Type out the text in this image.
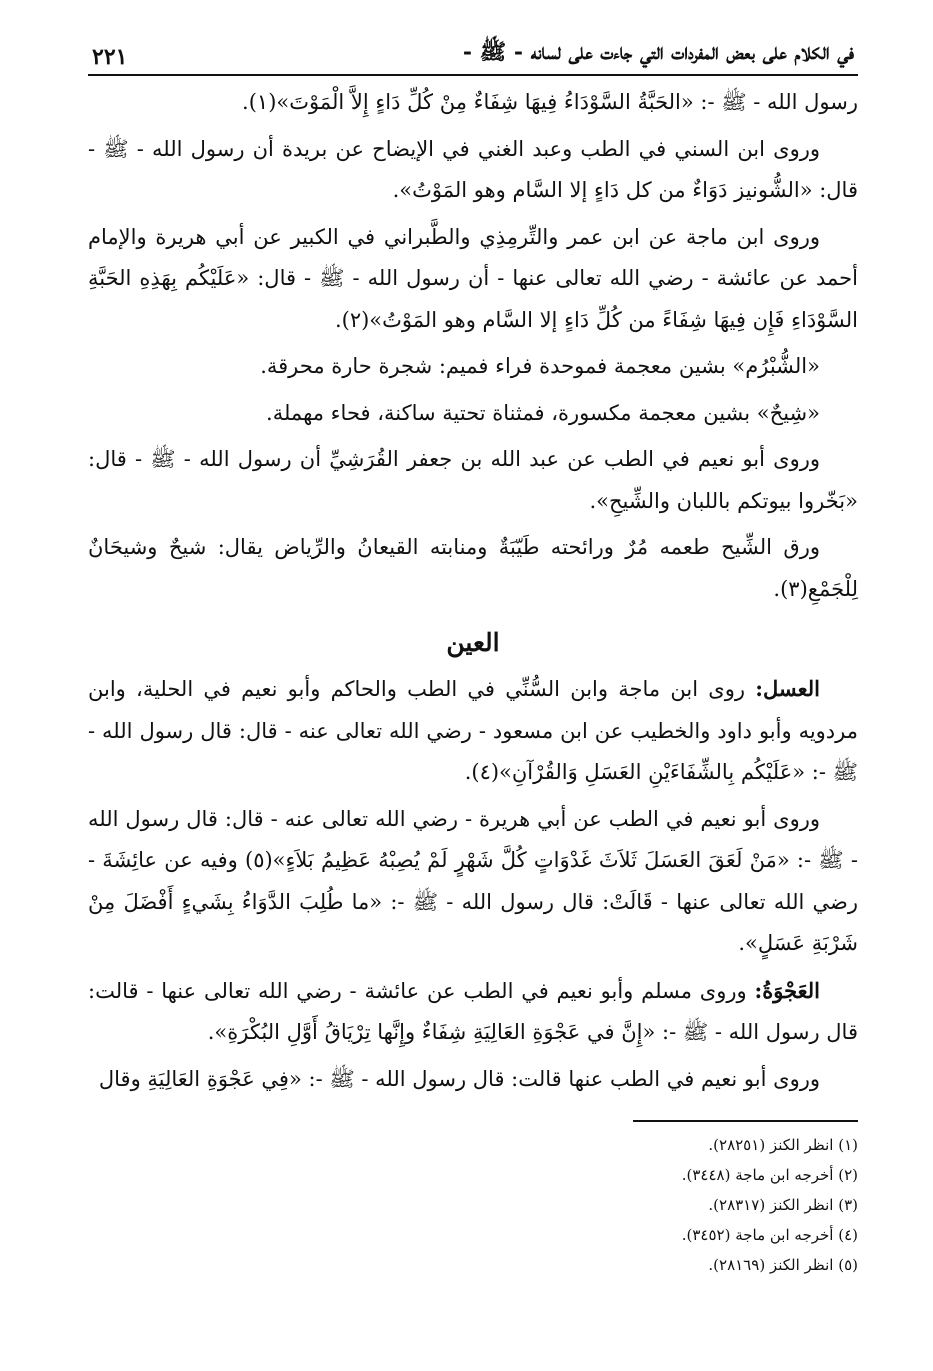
في الكلام على بعض المفردات التي جاءت على لسانه - ﷺ -
٢٢١

رسول الله - ﷺ -: «الحَبَّةُ السَّوْدَاءُ فِيهَا شِفَاءٌ مِنْ كُلِّ دَاءٍ إِلاَّ الْمَوْتَ»(١).

وروى ابن السني في الطب وعبد الغني في الإيضاح عن بريدة أن رسول الله - ﷺ - قال: «الشُّونيز دَوَاءٌ من كل دَاءٍ إلا السَّام وهو المَوْتُ».

وروى ابن ماجة عن ابن عمر والتِّرمِذِي والطَّبراني في الكبير عن أبي هريرة والإمام أحمد عن عائشة - رضي الله تعالى عنها - أن رسول الله - ﷺ - قال: «عَلَيْكُم بِهَذِهِ الحَبَّةِ السَّوْدَاءِ فَإِن فِيهَا شِفَاءً من كُلِّ دَاءٍ إلا السَّام وهو المَوْتُ»(٢).

«الشُّبْرُم» بشين معجمة فموحدة فراء فميم: شجرة حارة محرقة.

«شِيحٌ» بشين معجمة مكسورة، فمثناة تحتية ساكنة، فحاء مهملة.

وروى أبو نعيم في الطب عن عبد الله بن جعفر القُرَشِيِّ أن رسول الله - ﷺ - قال: «بَخّروا بيوتكم باللبان والشِّيحِ».

ورق الشِّيح طعمه مُرٌ ورائحته طَيّبَةٌ ومنابته القيعانُ والرِّياض يقال: شيحٌ وشيحَانٌ لِلْجَمْعِ(٣).

العين

العسل: روى ابن ماجة وابن السُّنِّي في الطب والحاكم وأبو نعيم في الحلية، وابن مردويه وأبو داود والخطيب عن ابن مسعود - رضي الله تعالى عنه - قال: قال رسول الله - ﷺ -: «عَلَيْكُم بِالشِّفَاءَيْنِ العَسَلِ وَالقُرْآنِ»(٤).

وروى أبو نعيم في الطب عن أبي هريرة - رضي الله تعالى عنه - قال: قال رسول الله - ﷺ -: «مَنْ لَعَقَ العَسَلَ ثَلاَثَ غَدْوَاتٍ كُلَّ شَهْرٍ لَمْ يُصِبْهُ عَظِيمُ بَلاَءٍ»(٥) وفيه عن عائِشَةَ - رضي الله تعالى عنها - قَالَتْ: قال رسول الله - ﷺ -: «ما طُلِبَ الدَّوَاءُ بِشَيءٍ أَفْضَلَ مِنْ شَرْبَةِ عَسَلٍ».

العَجْوَةُ: وروى مسلم وأبو نعيم في الطب عن عائشة - رضي الله تعالى عنها - قالت: قال رسول الله - ﷺ -: «إِنَّ في عَجْوَةِ العَالِيَةِ شِفَاءٌ وإِنَّها تِرْيَاقُ أَوَّلِ البُكْرَةِ».

وروى أبو نعيم في الطب عنها قالت: قال رسول الله - ﷺ -: «فِي عَجْوَةِ العَالِيَةِ وقال

(١) انظر الكنز (٢٨٢٥١).

(٢) أخرجه ابن ماجة (٣٤٤٨).

(٣) انظر الكنز (٢٨٣١٧).

(٤) أخرجه ابن ماجة (٣٤٥٢).

(٥) انظر الكنز (٢٨١٦٩).
